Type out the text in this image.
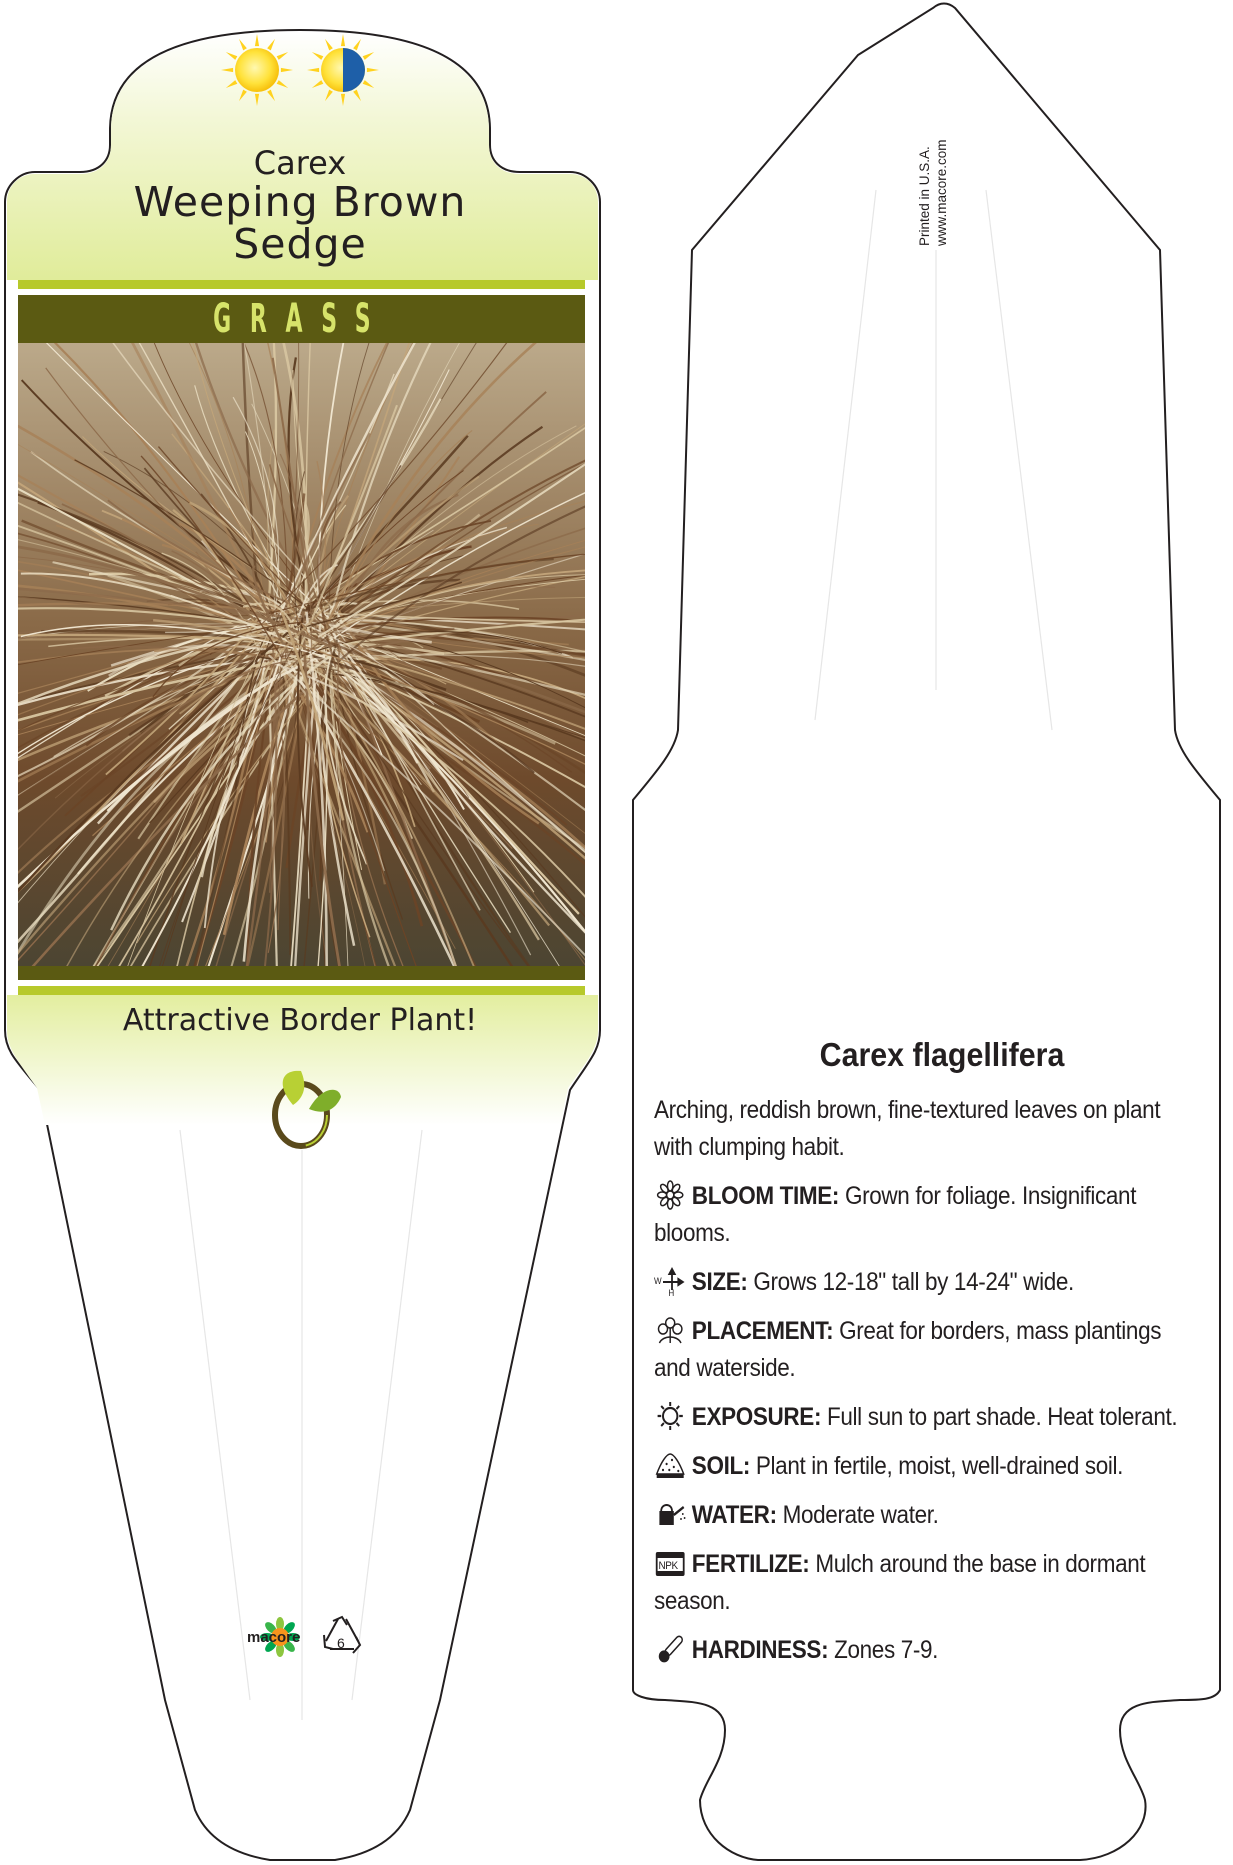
macore	6
Carex
Weeping Brown
Sedge
GRASS
Attractive Border Plant!
Printed in U.S.A. www.macore.com
Carex flagellifera
Arching, reddish brown, fine-textured leaves on plant with clumping habit.
BLOOM TIME: Grown for foliage. Insignificant blooms.
W
H SIZE: Grows 12-18" tall by 14-24" wide.
PLACEMENT: Great for borders, mass plantings and waterside.
EXPOSURE: Full sun to part shade. Heat tolerant.
SOIL: Plant in fertile, moist, well-drained soil.
WATER: Moderate water.
NPK FERTILIZE: Mulch around the base in dormant season.
HARDINESS: Zones 7-9.
